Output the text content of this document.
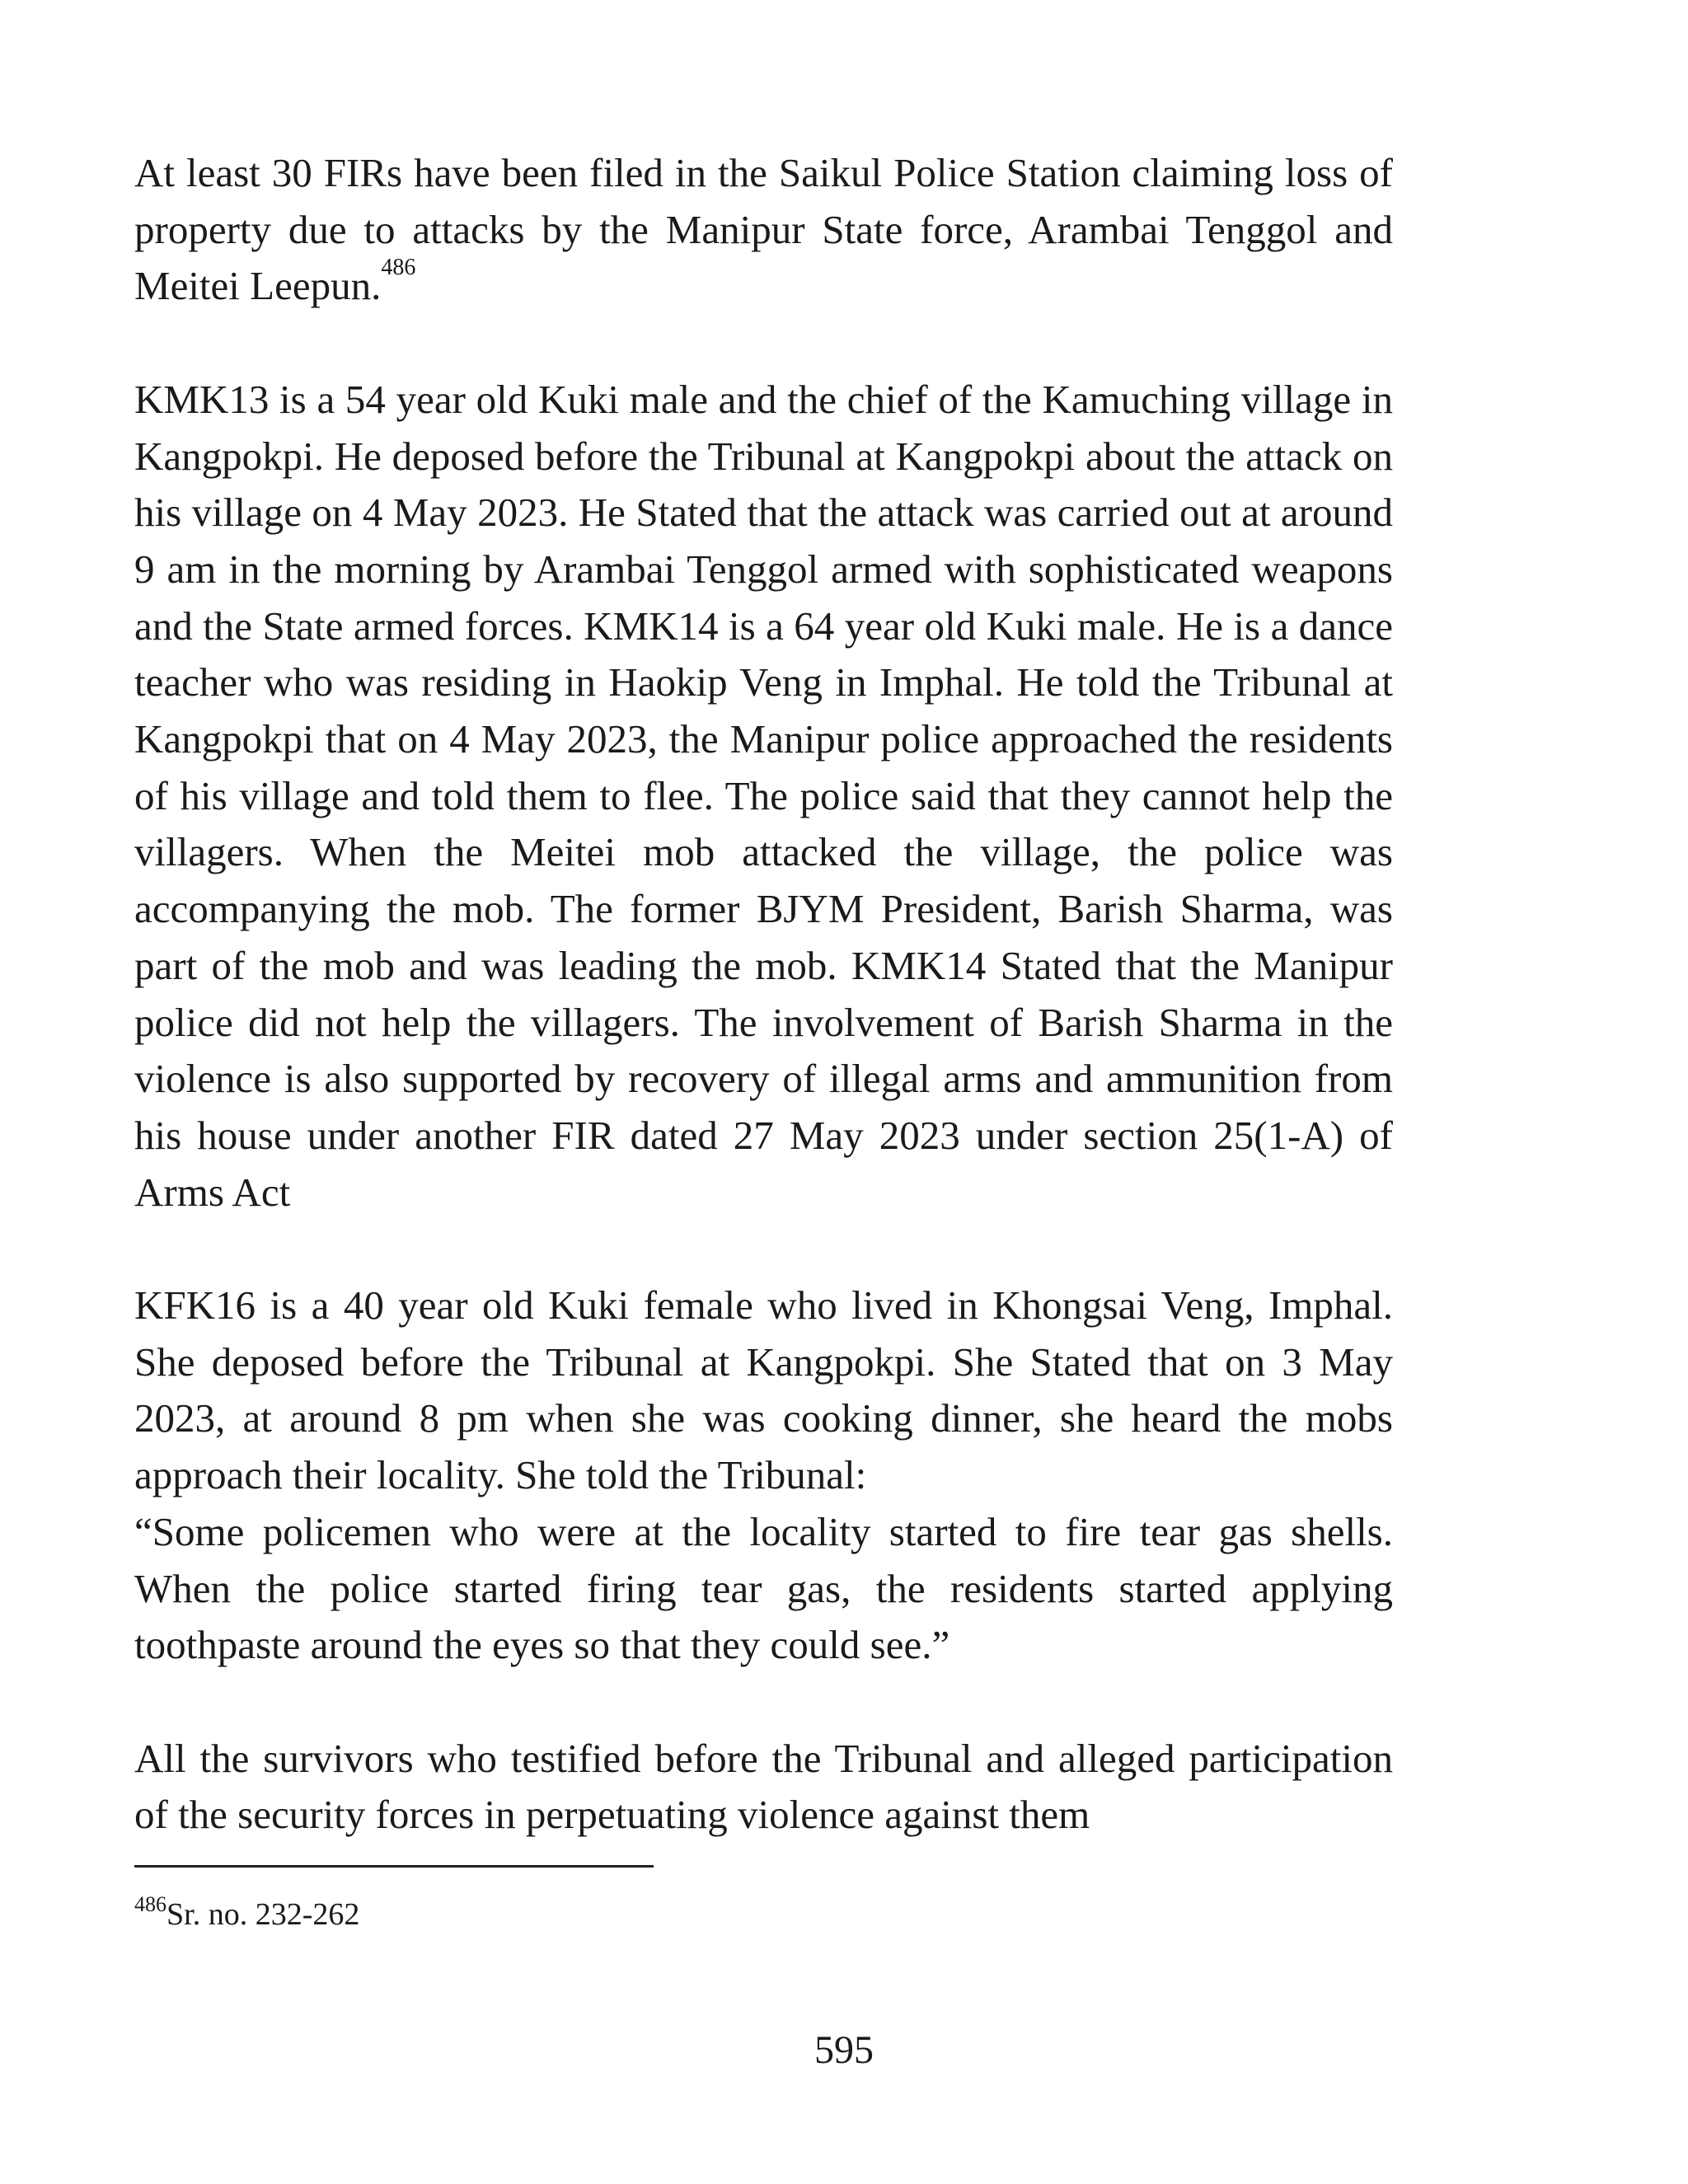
At least 30 FIRs have been filed in the Saikul Police Station claiming loss of property due to attacks by the Manipur State force, Arambai Tenggol and Meitei Leepun.$^{486}$

KMK13 is a 54 year old Kuki male and the chief of the Kamuching village in Kangpokpi. He deposed before the Tribunal at Kangpokpi about the attack on his village on 4 May 2023. He Stated that the attack was carried out at around 9 am in the morning by Arambai Tenggol armed with sophisticated weapons and the State armed forces. KMK14 is a 64 year old Kuki male. He is a dance teacher who was residing in Haokip Veng in Imphal. He told the Tribunal at Kangpokpi that on 4 May 2023, the Manipur police approached the residents of his village and told them to flee. The police said that they cannot help the villagers. When the Meitei mob attacked the village, the police was accompanying the mob. The former BJYM President, Barish Sharma, was part of the mob and was leading the mob. KMK14 Stated that the Manipur police did not help the villagers. The involvement of Barish Sharma in the violence is also supported by recovery of illegal arms and ammunition from his house under another FIR dated 27 May 2023 under section 25(1-A) of Arms Act

KFK16 is a 40 year old Kuki female who lived in Khongsai Veng, Imphal. She deposed before the Tribunal at Kangpokpi. She Stated that on 3 May 2023, at around 8 pm when she was cooking dinner, she heard the mobs approach their locality. She told the Tribunal:

“Some policemen who were at the locality started to fire tear gas shells. When the police started firing tear gas, the residents started applying toothpaste around the eyes so that they could see.”

All the survivors who testified before the Tribunal and alleged participation of the security forces in perpetuating violence against them

$^{486}$Sr. no. 232-262
595
